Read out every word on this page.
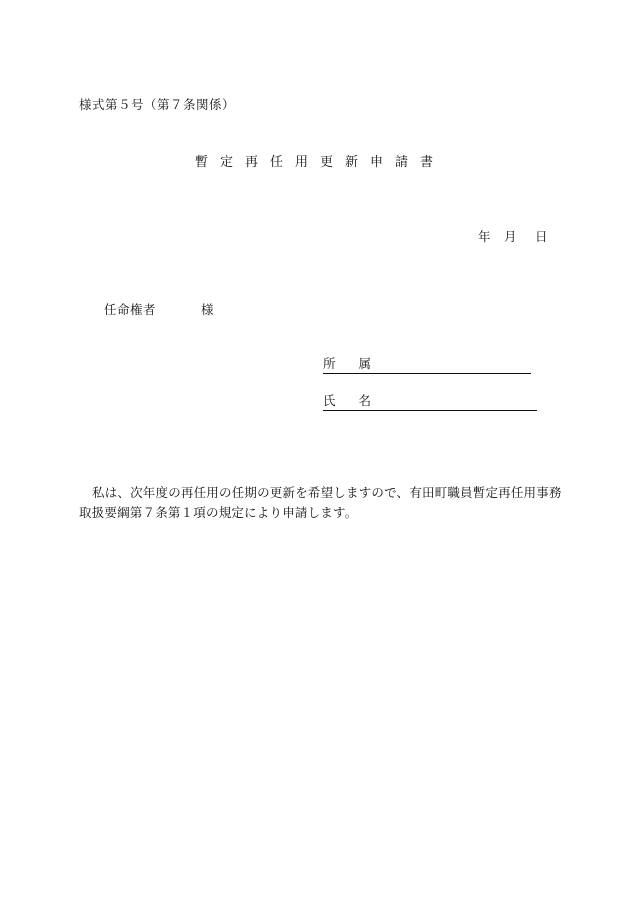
様式第５号（第７条関係）
暫定再任用更新申請書
年 月 日
任命権者	様
所 属
氏 名

私は、次年度の再任用の任期の更新を希望しますので、有田町職員暫定再任用事務

取扱要綱第７条第１項の規定により申請します。
